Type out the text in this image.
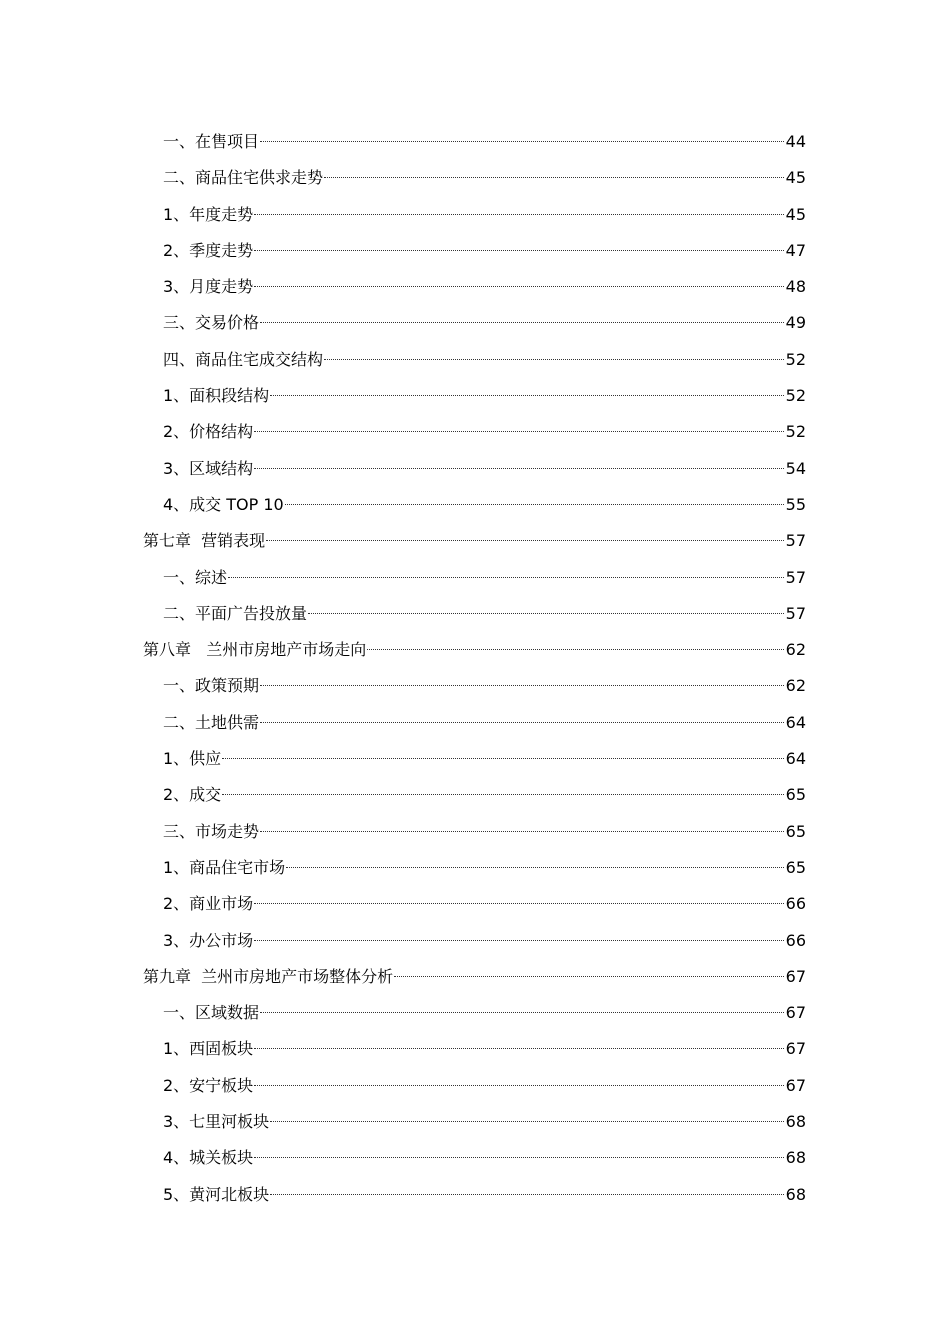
一、在售项目	44
二、商品住宅供求走势	45
1、年度走势	45
2、季度走势	47
3、月度走势	48
三、交易价格	49
四、商品住宅成交结构	52
1、面积段结构	52
2、价格结构	52
3、区域结构	54
4、成交 TOP 10	55
第七章  营销表现	57
一、综述	57
二、平面广告投放量	57
第八章   兰州市房地产市场走向	62
一、政策预期	62
二、土地供需	64
1、供应	64
2、成交	65
三、市场走势	65
1、商品住宅市场	65
2、商业市场	66
3、办公市场	66
第九章  兰州市房地产市场整体分析	67
一、区域数据	67
1、西固板块	67
2、安宁板块	67
3、七里河板块	68
4、城关板块	68
5、黄河北板块	68
